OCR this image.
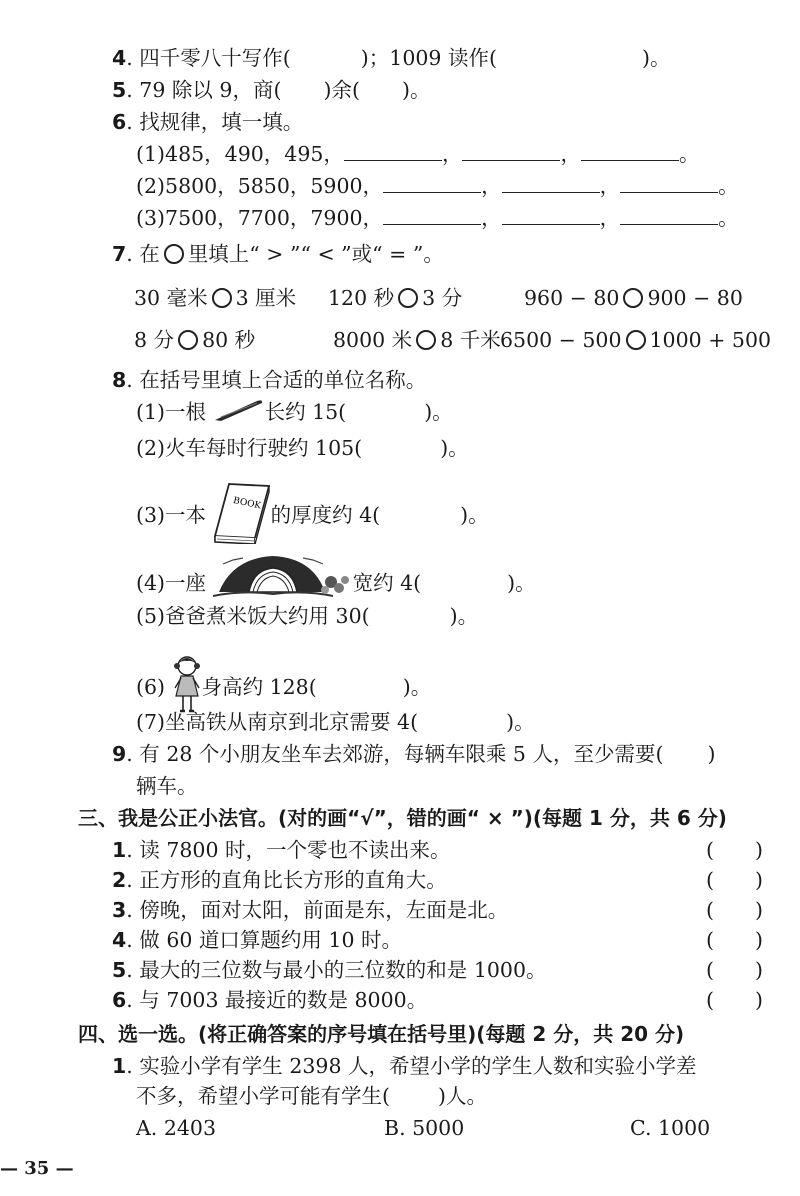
4. 四千零八十写作(	)；1009 读作(	)。
5. 79 除以 9，商( )余( )。
6. 找规律，填一填。
(1)485，490，495，	，	，	。
(2)5800，5850，5900，	，	，	。
(3)7500，7700，7900，	，	，	。
7. 在 里填上“ > ”“ < ”或“ = ”。
30 毫米 3 厘米 120 秒 3 分	960 − 80 900 − 80
8 分 80 秒	8000 米 8 千米 6500 − 500 1000 + 500
8. 在括号里填上合适的单位名称。
(1)一根	长约 15(	)。
(2)火车每时行驶约 105(	)。
(3)一本	BOOK 的厚度约 4(	)。
(4)一座	宽约 4(	)。
(5)爸爸煮米饭大约用 30(	)。
(6) 身高约 128(	)。
(7)坐高铁从南京到北京需要 4(	)。
9. 有 28 个小朋友坐车去郊游，每辆车限乘 5 人，至少需要( )
辆车。
三、我是公正小法官。(对的画“√”，错的画“ × ”)(每题 1 分，共 6 分)
1. 读 7800 时，一个零也不读出来。	(　　)
2. 正方形的直角比长方形的直角大。	(　　)
3. 傍晚，面对太阳，前面是东，左面是北。	(　　)
4. 做 60 道口算题约用 10 时。	(　　)
5. 最大的三位数与最小的三位数的和是 1000。	(　　)
6. 与 7003 最接近的数是 8000。	(　　)
四、选一选。(将正确答案的序号填在括号里)(每题 2 分，共 20 分)
1. 实验小学有学生 2398 人，希望小学的学生人数和实验小学差
不多，希望小学可能有学生( )人。
A. 2403	B. 5000	C. 1000
— 35 —
